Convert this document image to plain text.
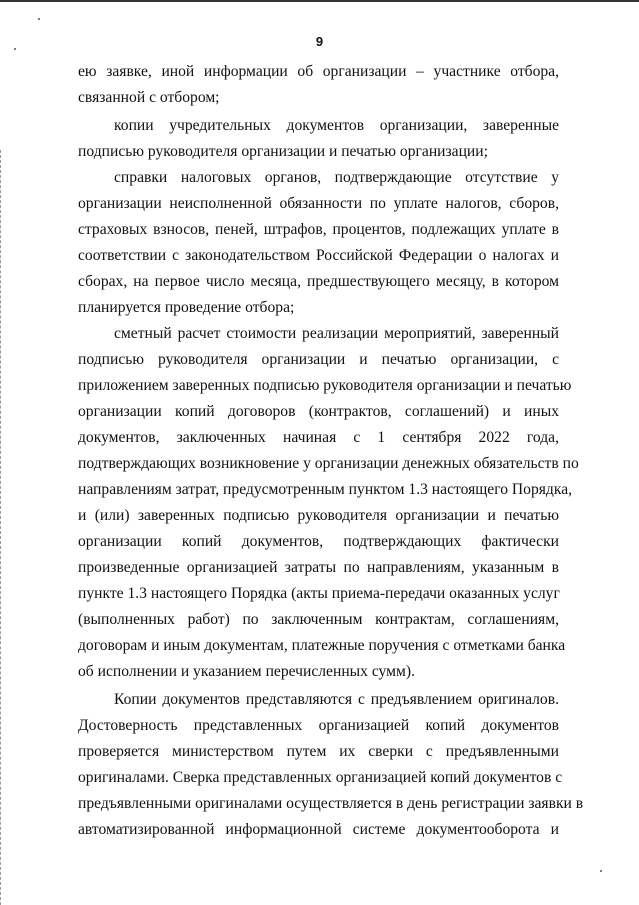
9
ею заявке, иной информации об организации – участнике отбора,
связанной с отбором;
копии учредительных документов организации, заверенные
подписью руководителя организации и печатью организации;
справки налоговых органов, подтверждающие отсутствие у
организации неисполненной обязанности по уплате налогов, сборов,
страховых взносов, пеней, штрафов, процентов, подлежащих уплате в
соответствии с законодательством Российской Федерации о налогах и
сборах, на первое число месяца, предшествующего месяцу, в котором
планируется проведение отбора;
сметный расчет стоимости реализации мероприятий, заверенный
подписью руководителя организации и печатью организации, с
приложением заверенных подписью руководителя организации и печатью
организации копий договоров (контрактов, соглашений) и иных
документов, заключенных начиная с 1 сентября 2022 года,
подтверждающих возникновение у организации денежных обязательств по
направлениям затрат, предусмотренным пунктом 1.3 настоящего Порядка,
и (или) заверенных подписью руководителя организации и печатью
организации копий документов, подтверждающих фактически
произведенные организацией затраты по направлениям, указанным в
пункте 1.3 настоящего Порядка (акты приема-передачи оказанных услуг
(выполненных работ) по заключенным контрактам, соглашениям,
договорам и иным документам, платежные поручения с отметками банка
об исполнении и указанием перечисленных сумм).
Копии документов представляются с предъявлением оригиналов.
Достоверность представленных организацией копий документов
проверяется министерством путем их сверки с предъявленными
оригиналами. Сверка представленных организацией копий документов с
предъявленными оригиналами осуществляется в день регистрации заявки в
автоматизированной информационной системе документооборота и
